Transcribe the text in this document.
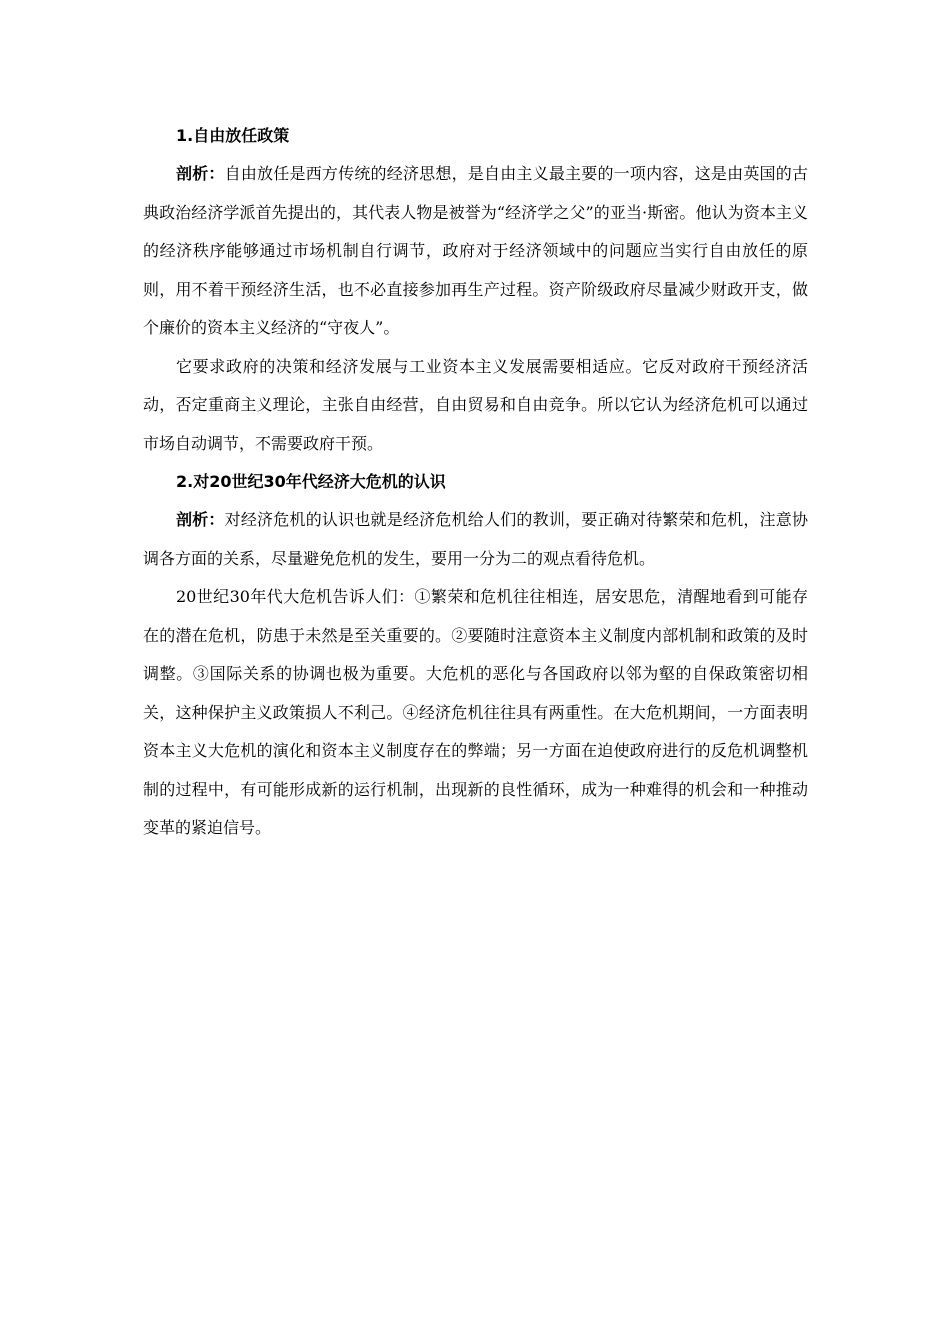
1.自由放任政策

剖析：自由放任是西方传统的经济思想，是自由主义最主要的一项内容，这是由英国的古典政治经济学派首先提出的，其代表人物是被誉为“经济学之父”的亚当·斯密。他认为资本主义的经济秩序能够通过市场机制自行调节，政府对于经济领域中的问题应当实行自由放任的原则，用不着干预经济生活，也不必直接参加再生产过程。资产阶级政府尽量减少财政开支，做个廉价的资本主义经济的“守夜人”。

它要求政府的决策和经济发展与工业资本主义发展需要相适应。它反对政府干预经济活动，否定重商主义理论，主张自由经营，自由贸易和自由竞争。所以它认为经济危机可以通过市场自动调节，不需要政府干预。

2.对20世纪30年代经济大危机的认识

剖析：对经济危机的认识也就是经济危机给人们的教训，要正确对待繁荣和危机，注意协调各方面的关系，尽量避免危机的发生，要用一分为二的观点看待危机。

20世纪30年代大危机告诉人们：①繁荣和危机往往相连，居安思危，清醒地看到可能存在的潜在危机，防患于未然是至关重要的。②要随时注意资本主义制度内部机制和政策的及时调整。③国际关系的协调也极为重要。大危机的恶化与各国政府以邻为壑的自保政策密切相关，这种保护主义政策损人不利己。④经济危机往往具有两重性。在大危机期间，一方面表明资本主义大危机的演化和资本主义制度存在的弊端；另一方面在迫使政府进行的反危机调整机制的过程中，有可能形成新的运行机制，出现新的良性循环，成为一种难得的机会和一种推动变革的紧迫信号。
